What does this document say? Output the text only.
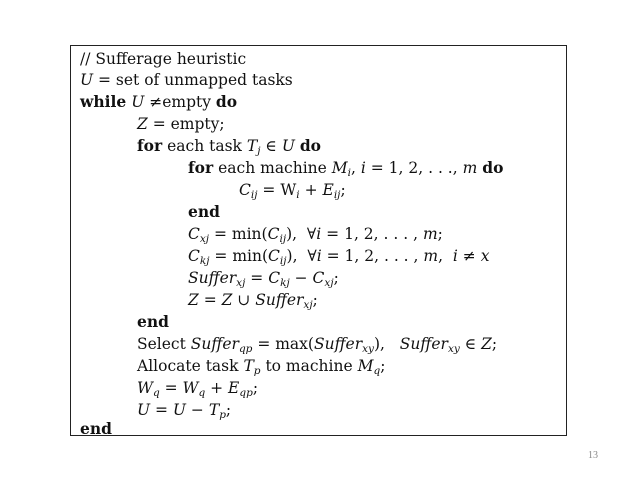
// Sufferage heuristic
U = set of unmapped tasks
while U ≠empty do
Z = empty;
for each task $T_j$ ∈ U do
for each machine $M_i$, i = 1, 2, . . ., m do
$C_{ij} = W_i + E_{ij}$;
end
$C_{xj} = \min(C_{ij})$,  ∀i = 1, 2, . . . , m;
$C_{kj} = \min(C_{ij})$,  ∀i = 1, 2, . . . , m,  i ≠ x
Suffer$_{xj}$ = $C_{kj} - C_{xj}$;
Z = Z ∪ Suffer$_{xj}$;
end
Select Suffer$_{qp}$ = max(Suffer$_{xy}$),   Suffer$_{xy}$ ∈ Z;
Allocate task $T_p$ to machine $M_q$;
$W_q = W_q + E_{qp}$;
$U = U - T_p$;
end
13
